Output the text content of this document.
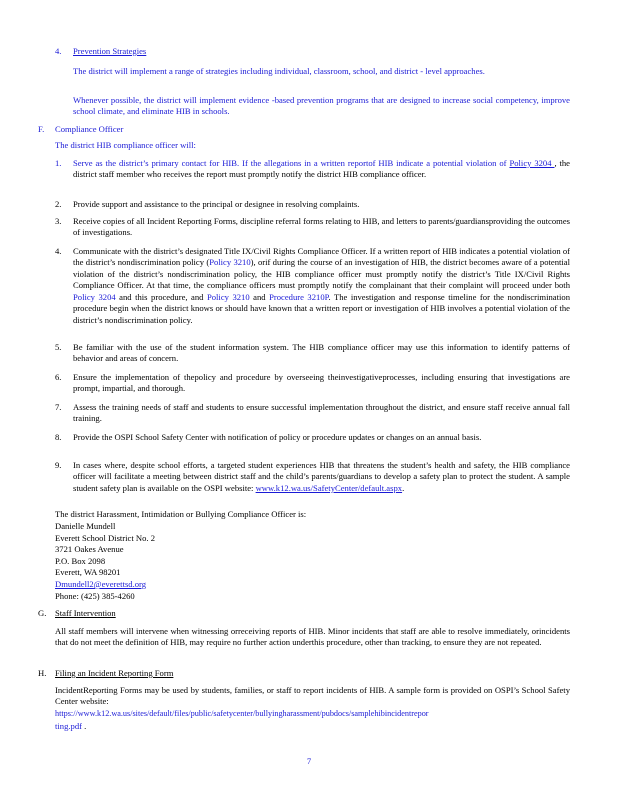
4. Prevention Strategies

The district will implement a range of strategies including individual, classroom, school, and district - level approaches.

Whenever possible, the district will implement evidence -based prevention programs that are designed to increase social competency, improve school climate, and eliminate HIB in schools.

F. Compliance Officer

The district HIB compliance officer will:

1. Serve as the district’s primary contact for HIB. If the allegations in a written reportof HIB indicate a potential violation of Policy 3204 , the district staff member who receives the report must promptly notify the district HIB compliance officer.

2. Provide support and assistance to the principal or designee in resolving complaints.

3. Receive copies of all Incident Reporting Forms, discipline referral forms relating to HIB, and letters to parents/guardiansproviding the outcomes of investigations.

4. Communicate with the district’s designated Title IX/Civil Rights Compliance Officer. If a written report of HIB indicates a potential violation of the district’s nondiscrimination policy (Policy 3210), orif during the course of an investigation of HIB, the district becomes aware of a potential violation of the district’s nondiscrimination policy, the HIB compliance officer must promptly notify the district’s Title IX/Civil Rights Compliance Officer. At that time, the compliance officers must promptly notify the complainant that their complaint will proceed under both Policy 3204 and this procedure, and Policy 3210 and Procedure 3210P. The investigation and response timeline for the nondiscrimination procedure begin when the district knows or should have known that a written report or investigation of HIB involves a potential violation of the district’s nondiscrimination policy.

5. Be familiar with the use of the student information system. The HIB compliance officer may use this information to identify patterns of behavior and areas of concern.

6. Ensure the implementation of thepolicy and procedure by overseeing theinvestigativeprocesses, including ensuring that investigations are prompt, impartial, and thorough.

7. Assess the training needs of staff and students to ensure successful implementation throughout the district, and ensure staff receive annual fall training.

8. Provide the OSPI School Safety Center with notification of policy or procedure updates or changes on an annual basis.

9. In cases where, despite school efforts, a targeted student experiences HIB that threatens the student’s health and safety, the HIB compliance officer will facilitate a meeting between district staff and the child’s parents/guardians to develop a safety plan to protect the student. A sample student safety plan is available on the OSPI website: www.k12.wa.us/SafetyCenter/default.aspx.

The district Harassment, Intimidation or Bullying Compliance Officer is:

Danielle Mundell
Everett School District No. 2
3721 Oakes Avenue
P.O. Box 2098
Everett, WA 98201
Dmundell2@everettsd.org
Phone: (425) 385-4260
G. Staff Intervention

All staff members will intervene when witnessing orreceiving reports of HIB. Minor incidents that staff are able to resolve immediately, orincidents that do not meet the definition of HIB, may require no further action underthis procedure, other than tracking, to ensure they are not repeated.

H. Filing an Incident Reporting Form

IncidentReporting Forms may be used by students, families, or staff to report incidents of HIB. A sample form is provided on OSPI’s School Safety Center website:

https://www.k12.wa.us/sites/default/files/public/safetycenter/bullyingharassment/pubdocs/samplehibincidentrepor
ting.pdf .
7
